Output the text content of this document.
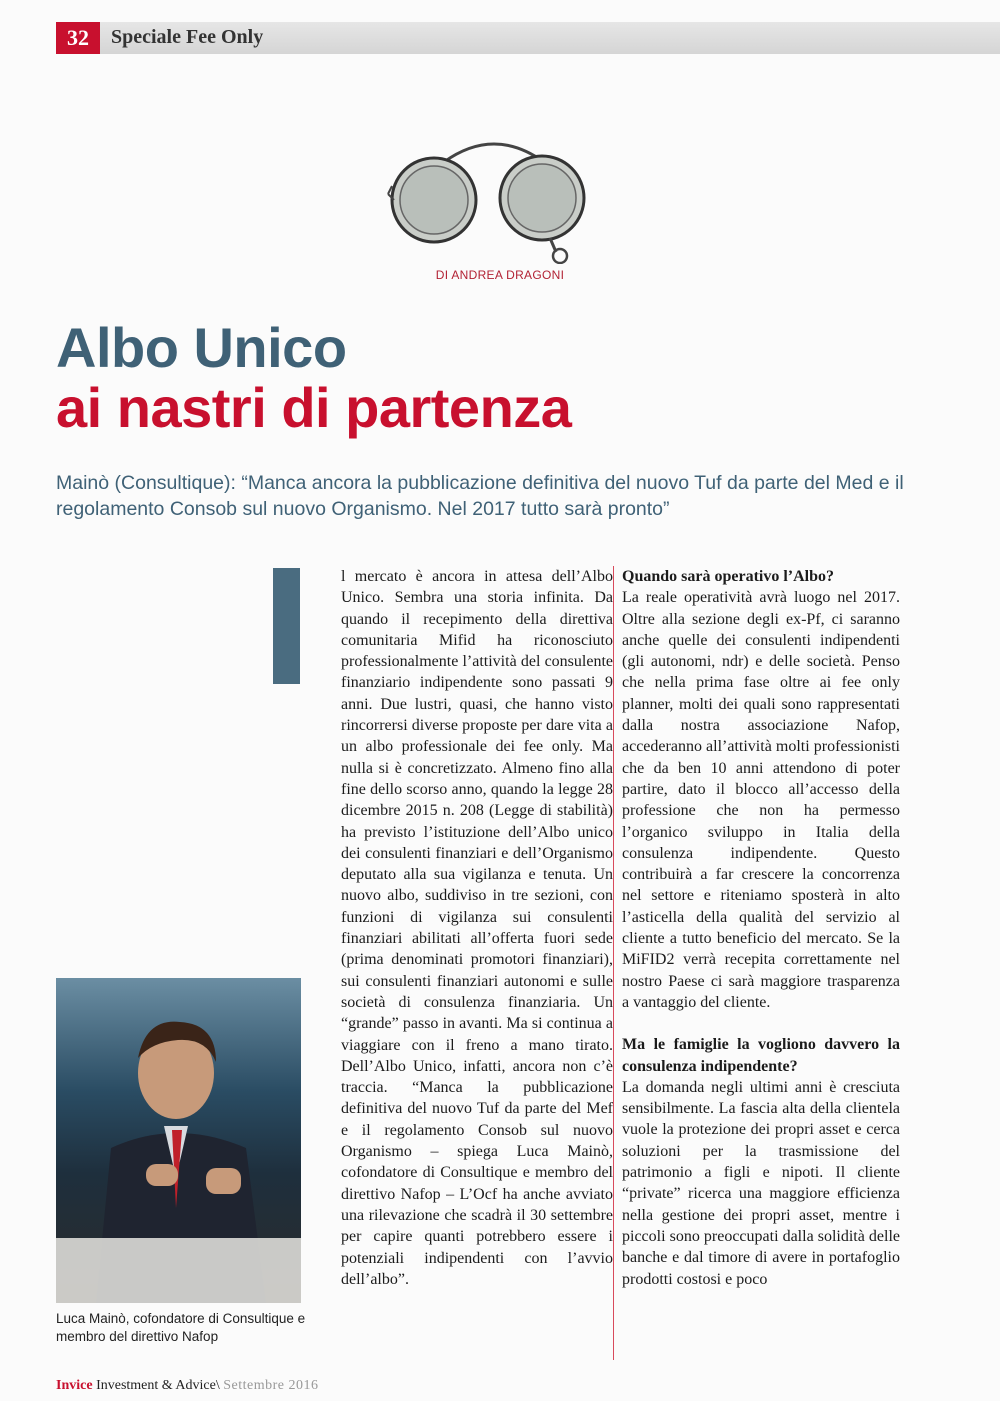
32	Speciale Fee Only
DI ANDREA DRAGONI
Albo Unico
ai nastri di partenza

Mainò (Consultique): “Manca ancora la pubblicazione definitiva del nuovo Tuf da parte del Med e il regolamento Consob sul nuovo Organismo. Nel 2017 tutto sarà pronto”

Luca Mainò, cofondatore di Consultique e membro del direttivo Nafop

l mercato è ancora in attesa dell’Albo Unico. Sembra una storia infinita. Da quando il recepimento della direttiva comunitaria Mifid ha riconosciuto professionalmente l’attività del consulente finanziario indipendente sono passati 9 anni. Due lustri, quasi, che hanno visto rincorrersi diverse proposte per dare vita a un albo professionale dei fee only. Ma nulla si è concretizzato. Almeno fino alla fine dello scorso anno, quando la legge 28 dicembre 2015 n. 208 (Legge di stabilità) ha previsto l’istituzione dell’Albo unico dei consulenti finanziari e dell’Organismo deputato alla sua vigilanza e tenuta. Un nuovo albo, suddiviso in tre sezioni, con funzioni di vigilanza sui consulenti finanziari abilitati all’offerta fuori sede (prima denominati promotori finanziari), sui consulenti finanziari autonomi e sulle società di consulenza finanziaria. Un “grande” passo in avanti. Ma si continua a viaggiare con il freno a mano tirato. Dell’Albo Unico, infatti, ancora non c’è traccia. “Manca la pubblicazione definitiva del nuovo Tuf da parte del Mef e il regolamento Consob sul nuovo Organismo – spiega Luca Mainò, cofondatore di Consultique e membro del direttivo Nafop – L’Ocf ha anche avviato una rilevazione che scadrà il 30 settembre per capire quanti potrebbero essere i potenziali indipendenti con l’avvio dell’albo”.

Quando sarà operativo l’Albo?

La reale operatività avrà luogo nel 2017. Oltre alla sezione degli ex-Pf, ci saranno anche quelle dei consulenti indipendenti (gli autonomi, ndr) e delle società. Penso che nella prima fase oltre ai fee only planner, molti dei quali sono rappresentati dalla nostra associazione Nafop, accederanno all’attività molti professionisti che da ben 10 anni attendono di poter partire, dato il blocco all’accesso della professione che non ha permesso l’organico sviluppo in Italia della consulenza indipendente. Questo contribuirà a far crescere la concorrenza nel settore e riteniamo sposterà in alto l’asticella della qualità del servizio al cliente a tutto beneficio del mercato. Se la MiFID2 verrà recepita correttamente nel nostro Paese ci sarà maggiore trasparenza a vantaggio del cliente.

Ma le famiglie la vogliono davvero la consulenza indipendente?

La domanda negli ultimi anni è cresciuta sensibilmente. La fascia alta della clientela vuole la protezione dei propri asset e cerca soluzioni per la trasmissione del patrimonio a figli e nipoti. Il cliente “private” ricerca una maggiore efficienza nella gestione dei propri asset, mentre i piccoli sono preoccupati dalla solidità delle banche e dal timore di avere in portafoglio prodotti costosi e poco

Invice Investment & Advice\ Settembre 2016
